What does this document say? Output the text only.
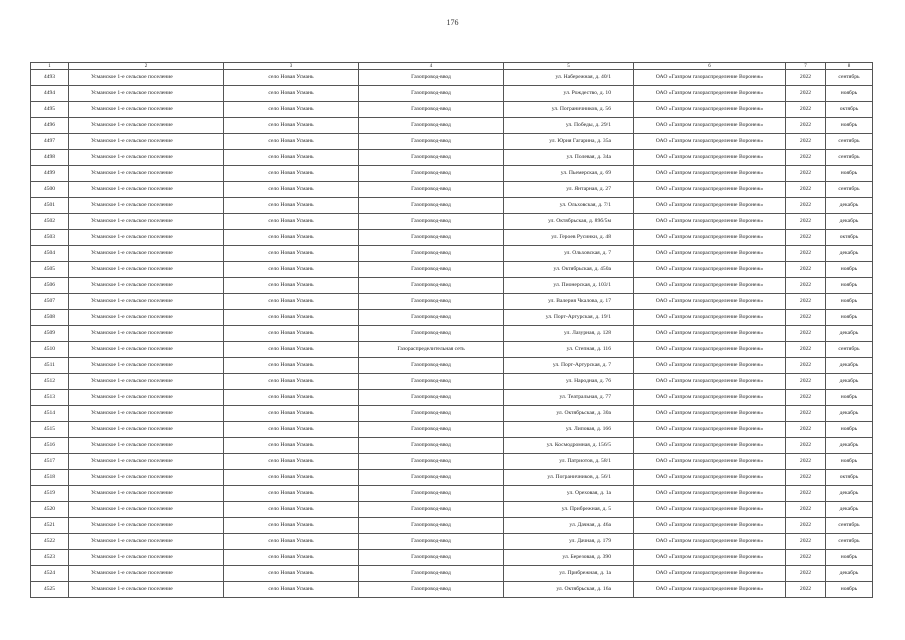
176
1	2	3	4	5	6	7	8
4493	Усманское 1-е сельское поселение	село Новая Усмань	Газопровод-ввод	ул. Набережная, д. 40/1	ОАО «Газпром газораспределение Воронеж»	2022	сентябрь
4494	Усманское 1-е сельское поселение	село Новая Усмань	Газопровод-ввод	ул. Рождество, д. 10	ОАО «Газпром газораспределение Воронеж»	2022	ноябрь
4495	Усманское 1-е сельское поселение	село Новая Усмань	Газопровод-ввод	ул. Пограничников, д. 56	ОАО «Газпром газораспределение Воронеж»	2022	октябрь
4496	Усманское 1-е сельское поселение	село Новая Усмань	Газопровод-ввод	ул. Победы, д. 29/1	ОАО «Газпром газораспределение Воронеж»	2022	ноябрь
4497	Усманское 1-е сельское поселение	село Новая Усмань	Газопровод-ввод	ул. Юрия Гагарина, д. 35а	ОАО «Газпром газораспределение Воронеж»	2022	сентябрь
4498	Усманское 1-е сельское поселение	село Новая Усмань	Газопровод-ввод	ул. Полевая, д. 34а	ОАО «Газпром газораспределение Воронеж»	2022	сентябрь
4499	Усманское 1-е сельское поселение	село Новая Усмань	Газопровод-ввод	ул. Пьемерская, д. 69	ОАО «Газпром газораспределение Воронеж»	2022	ноябрь
4500	Усманское 1-е сельское поселение	село Новая Усмань	Газопровод-ввод	ул. Янтарная, д. 27	ОАО «Газпром газораспределение Воронеж»	2022	сентябрь
4501	Усманское 1-е сельское поселение	село Новая Усмань	Газопровод-ввод	ул. Ольховская, д. 7/1	ОАО «Газпром газораспределение Воронеж»	2022	декабрь
4502	Усманское 1-е сельское поселение	село Новая Усмань	Газопровод-ввод	ул. Октябрьская, д. 89б/5м	ОАО «Газпром газораспределение Воронеж»	2022	декабрь
4503	Усманское 1-е сельское поселение	село Новая Усмань	Газопровод-ввод	ул. Героев Русинки, д. 48	ОАО «Газпром газораспределение Воронеж»	2022	октябрь
4504	Усманское 1-е сельское поселение	село Новая Усмань	Газопровод-ввод	ул. Ольховская, д. 7	ОАО «Газпром газораспределение Воронеж»	2022	декабрь
4505	Усманское 1-е сельское поселение	село Новая Усмань	Газопровод-ввод	ул. Октябрьская, д. 450а	ОАО «Газпром газораспределение Воронеж»	2022	ноябрь
4506	Усманское 1-е сельское поселение	село Новая Усмань	Газопровод-ввод	ул. Пионерская, д. 103/1	ОАО «Газпром газораспределение Воронеж»	2022	ноябрь
4507	Усманское 1-е сельское поселение	село Новая Усмань	Газопровод-ввод	ул. Валерия Чкалова, д. 17	ОАО «Газпром газораспределение Воронеж»	2022	ноябрь
4508	Усманское 1-е сельское поселение	село Новая Усмань	Газопровод-ввод	ул. Порт-Артурская, д. 19/1	ОАО «Газпром газораспределение Воронеж»	2022	ноябрь
4509	Усманское 1-е сельское поселение	село Новая Усмань	Газопровод-ввод	ул. Лазурная, д. 128	ОАО «Газпром газораспределение Воронеж»	2022	декабрь
4510	Усманское 1-е сельское поселение	село Новая Усмань	Газораспределительная сеть	ул. Степная, д. 116	ОАО «Газпром газораспределение Воронеж»	2022	сентябрь
4511	Усманское 1-е сельское поселение	село Новая Усмань	Газопровод-ввод	ул. Порт-Артурская, д. 7	ОАО «Газпром газораспределение Воронеж»	2022	декабрь
4512	Усманское 1-е сельское поселение	село Новая Усмань	Газопровод-ввод	ул. Народная, д. 76	ОАО «Газпром газораспределение Воронеж»	2022	декабрь
4513	Усманское 1-е сельское поселение	село Новая Усмань	Газопровод-ввод	ул. Театральная, д. 77	ОАО «Газпром газораспределение Воронеж»	2022	ноябрь
4514	Усманское 1-е сельское поселение	село Новая Усмань	Газопровод-ввод	ул. Октябрьская, д. 30а	ОАО «Газпром газораспределение Воронеж»	2022	декабрь
4515	Усманское 1-е сельское поселение	село Новая Усмань	Газопровод-ввод	ул. Липовая, д. 166	ОАО «Газпром газораспределение Воронеж»	2022	ноябрь
4516	Усманское 1-е сельское поселение	село Новая Усмань	Газопровод-ввод	ул. Космодромная, д. 156/5	ОАО «Газпром газораспределение Воронеж»	2022	декабрь
4517	Усманское 1-е сельское поселение	село Новая Усмань	Газопровод-ввод	ул. Патриотов, д. 58/1	ОАО «Газпром газораспределение Воронеж»	2022	ноябрь
4518	Усманское 1-е сельское поселение	село Новая Усмань	Газопровод-ввод	ул. Пограничников, д. 56/1	ОАО «Газпром газораспределение Воронеж»	2022	октябрь
4519	Усманское 1-е сельское поселение	село Новая Усмань	Газопровод-ввод	ул. Ореховая, д. 1а	ОАО «Газпром газораспределение Воронеж»	2022	декабрь
4520	Усманское 1-е сельское поселение	село Новая Усмань	Газопровод-ввод	ул. Прибрежная, д. 5	ОАО «Газпром газораспределение Воронеж»	2022	декабрь
4521	Усманское 1-е сельское поселение	село Новая Усмань	Газопровод-ввод	ул. Дачная, д. 46а	ОАО «Газпром газораспределение Воронеж»	2022	сентябрь
4522	Усманское 1-е сельское поселение	село Новая Усмань	Газопровод-ввод	ул. Дачная, д. 179	ОАО «Газпром газораспределение Воронеж»	2022	сентябрь
4523	Усманское 1-е сельское поселение	село Новая Усмань	Газопровод-ввод	ул. Березовая, д. 390	ОАО «Газпром газораспределение Воронеж»	2022	ноябрь
4524	Усманское 1-е сельское поселение	село Новая Усмань	Газопровод-ввод	ул. Прибрежная, д. 1а	ОАО «Газпром газораспределение Воронеж»	2022	декабрь
4525	Усманское 1-е сельское поселение	село Новая Усмань	Газопровод-ввод	ул. Октябрьская, д. 16а	ОАО «Газпром газораспределение Воронеж»	2022	ноябрь
